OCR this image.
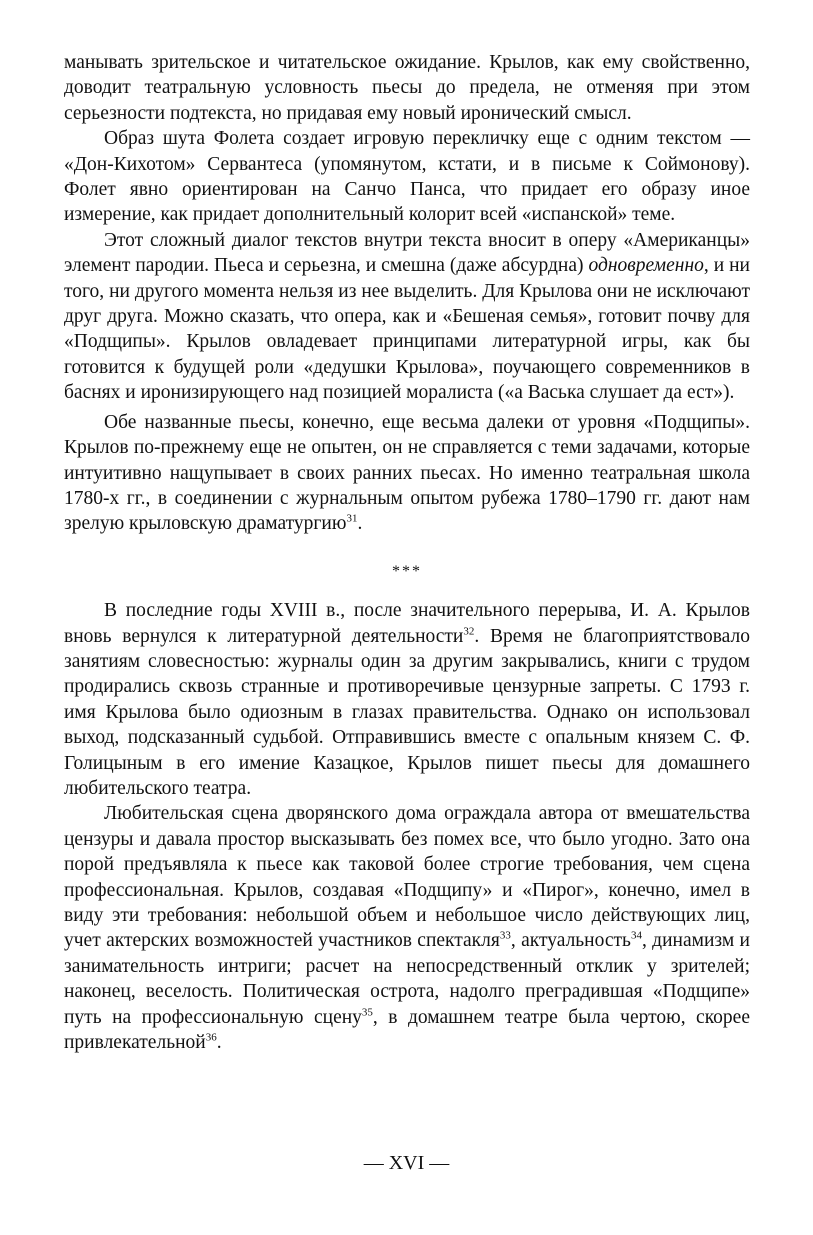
манывать зрительское и читательское ожидание. Крылов, как ему свойственно, доводит театральную условность пьесы до предела, не отменяя при этом серьезности подтекста, но придавая ему новый иронический смысл.

Образ шута Фолета создает игровую перекличку еще с одним текстом — «Дон-Кихотом» Сервантеса (упомянутом, кстати, и в письме к Соймонову). Фолет явно ориентирован на Санчо Панса, что придает его образу иное измерение, как придает дополнительный колорит всей «испанской» теме.

Этот сложный диалог текстов внутри текста вносит в оперу «Американцы» элемент пародии. Пьеса и серьезна, и смешна (даже абсурдна) одновременно, и ни того, ни другого момента нельзя из нее выделить. Для Крылова они не исключают друг друга. Можно сказать, что опера, как и «Бешеная семья», готовит почву для «Подщипы». Крылов овладевает принципами литературной игры, как бы готовится к будущей роли «дедушки Крылова», поучающего современников в баснях и иронизирующего над позицией моралиста («а Васька слушает да ест»).

Обе названные пьесы, конечно, еще весьма далеки от уровня «Подщипы». Крылов по-прежнему еще не опытен, он не справляется с теми задачами, которые интуитивно нащупывает в своих ранних пьесах. Но именно театральная школа 1780-х гг., в соединении с журнальным опытом рубежа 1780–1790 гг. дают нам зрелую крыловскую драматургию$^{31}$.

***

В последние годы XVIII в., после значительного перерыва, И. А. Крылов вновь вернулся к литературной деятельности$^{32}$. Время не благоприятствовало занятиям словесностью: журналы один за другим закрывались, книги с трудом продирались сквозь странные и противоречивые цензурные запреты. С 1793 г. имя Крылова было одиозным в глазах правительства. Однако он использовал выход, подсказанный судьбой. Отправившись вместе с опальным князем С. Ф. Голицыным в его имение Казацкое, Крылов пишет пьесы для домашнего любительского театра.

Любительская сцена дворянского дома ограждала автора от вмешательства цензуры и давала простор высказывать без помех все, что было угодно. Зато она порой предъявляла к пьесе как таковой более строгие требования, чем сцена профессиональная. Крылов, создавая «Подщипу» и «Пирог», конечно, имел в виду эти требования: небольшой объем и небольшое число действующих лиц, учет актерских возможностей участников спектакля$^{33}$, актуальность$^{34}$, динамизм и занимательность интриги; расчет на непосредственный отклик у зрителей; наконец, веселость. Политическая острота, надолго преградившая «Подщипе» путь на профессиональную сцену$^{35}$, в домашнем театре была чертою, скорее привлекательной$^{36}$.

— XVI —
